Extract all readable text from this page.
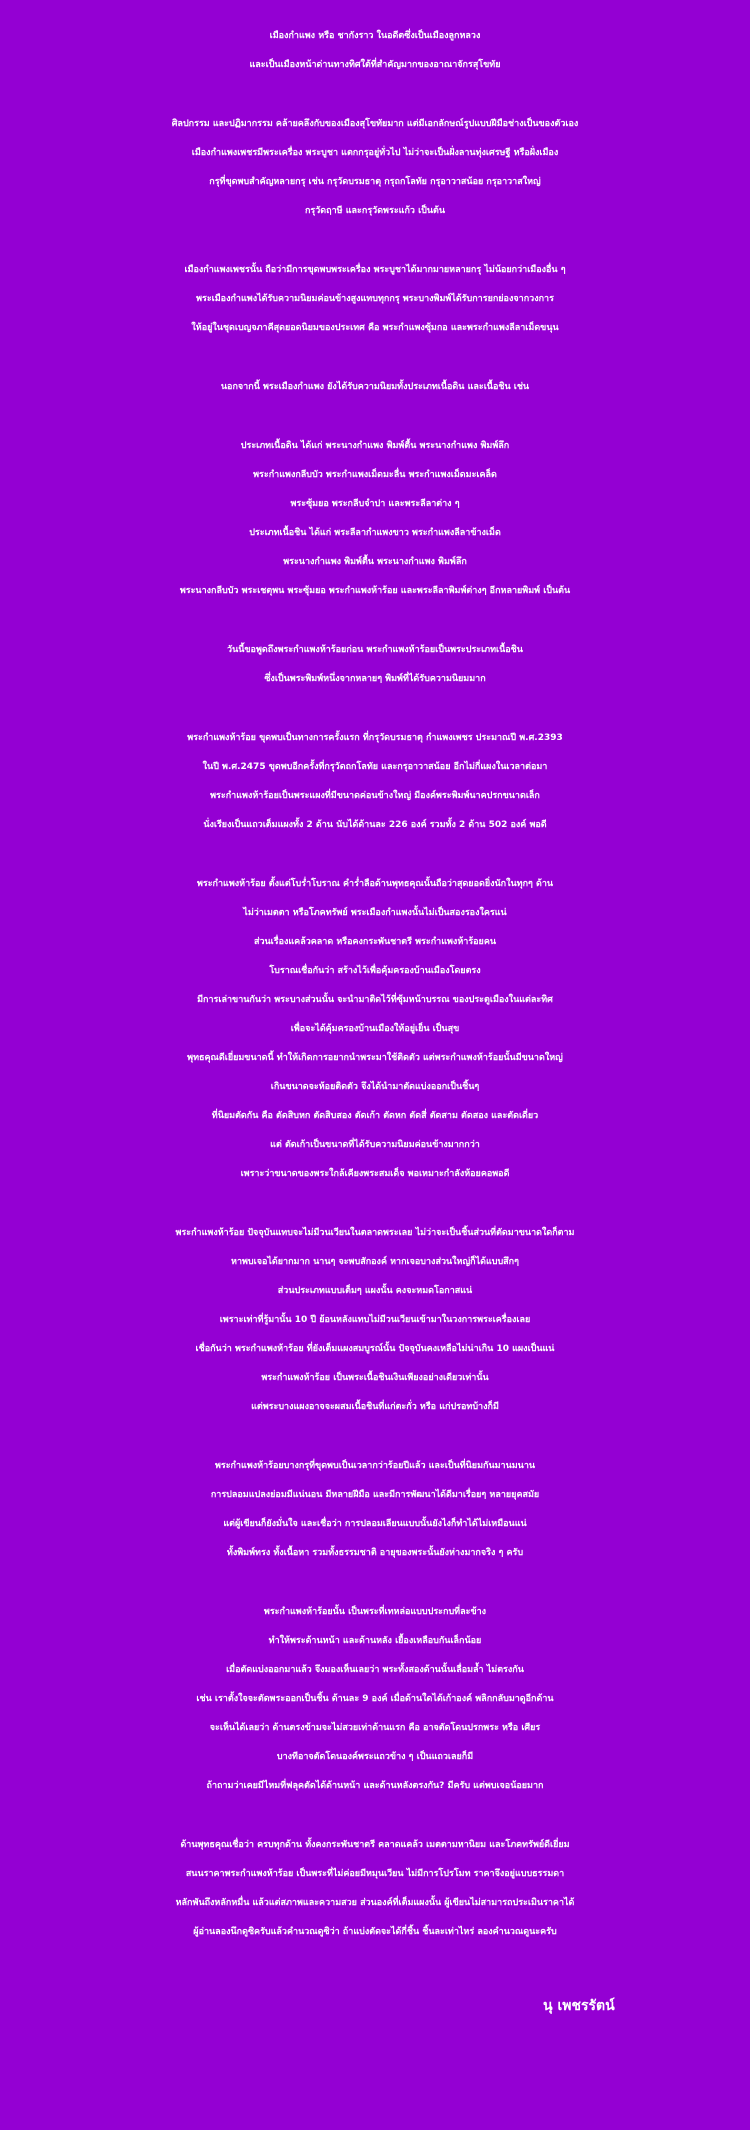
เมืองกำแพง หรือ ชากังราว ในอดีตซึ่งเป็นเมืองลูกหลวง
และเป็นเมืองหน้าด่านทางทิศใต้ที่สำคัญมากของอาณาจักรสุโขทัย
ศิลปกรรม และปฏิมากรรม คล้ายคลึงกับของเมืองสุโขทัยมาก แต่มีเอกลักษณ์รูปแบบฝีมือช่างเป็นของตัวเอง
เมืองกำแพงเพชรมีพระเครื่อง พระบูชา แตกกรุอยู่ทั่วไป ไม่ว่าจะเป็นฝั่งลานทุ่งเศรษฐี หรือฝั่งเมือง
กรุที่ขุดพบสำคัญหลายกรุ เช่น กรุวัดบรมธาตุ กรุถกโลทัย กรุอาวาสน้อย กรุอาวาสใหญ่
กรุวัดฤาษี และกรุวัดพระแก้ว เป็นต้น
เมืองกำแพงเพชรนั้น ถือว่ามีการขุดพบพระเครื่อง พระบูชาได้มากมายหลายกรุ ไม่น้อยกว่าเมืองอื่น ๆ
พระเมืองกำแพงได้รับความนิยมค่อนข้างสูงแทบทุกกรุ พระบางพิมพ์ได้รับการยกย่องจากวงการ
ให้อยู่ในชุดเบญจภาคีสุดยอดนิยมของประเทศ คือ พระกำแพงซุ้มกอ และพระกำแพงลีลาเม็ดขนุน
นอกจากนี้ พระเมืองกำแพง ยังได้รับความนิยมทั้งประเภทเนื้อดิน และเนื้อชิน เช่น
ประเภทเนื้อดิน ได้แก่ พระนางกำแพง พิมพ์ตื้น พระนางกำแพง พิมพ์ลึก
พระกำแพงกลีบบัว พระกำแพงเม็ดมะลื่น พระกำแพงเม็ดมะเคล็ด
พระซุ้มยอ พระกลีบจำปา และพระลีลาต่าง ๆ
ประเภทเนื้อชิน ได้แก่ พระลีลากำแพงขาว พระกำแพงลีลาข้างเม็ด
พระนางกำแพง พิมพ์ตื้น พระนางกำแพง พิมพ์ลึก
พระนางกลีบบัว พระเชตุพน พระซุ้มยอ พระกำแพงห้าร้อย และพระลีลาพิมพ์ต่างๆ อีกหลายพิมพ์ เป็นต้น
วันนี้ขอพูดถึงพระกำแพงห้าร้อยก่อน พระกำแพงห้าร้อยเป็นพระประเภทเนื้อชิน
ซึ่งเป็นพระพิมพ์หนึ่งจากหลายๆ พิมพ์ที่ได้รับความนิยมมาก
พระกำแพงห้าร้อย ขุดพบเป็นทางการครั้งแรก ที่กรุวัดบรมธาตุ กำแพงเพชร ประมาณปี พ.ศ.2393
ในปี พ.ศ.2475 ขุดพบอีกครั้งที่กรุวัดถกโลทัย และกรุอาวาสน้อย อีกไม่กี่แผงในเวลาต่อมา
พระกำแพงห้าร้อยเป็นพระแผงที่มีขนาดค่อนข้างใหญ่ มีองค์พระพิมพ์นาคปรกขนาดเล็ก
นั่งเรียงเป็นแถวเต็มแผงทั้ง 2 ด้าน นับได้ด้านละ 226 องค์ รวมทั้ง 2 ด้าน 502 องค์ พอดี
พระกำแพงห้าร้อย ตั้งแต่โบร่ำโบราณ คำร่ำลือด้านพุทธคุณนั้นถือว่าสุดยอดยิ่งนักในทุกๆ ด้าน
ไม่ว่าเมตตา หรือโภคทรัพย์ พระเมืองกำแพงนั้นไม่เป็นสองรองใครแน่
ส่วนเรื่องแคล้วคลาด หรือคงกระพันชาตรี พระกำแพงห้าร้อยคน
โบราณเชื่อกันว่า สร้างไว้เพื่อคุ้มครองบ้านเมืองโดยตรง
มีการเล่าขานกันว่า พระบางส่วนนั้น จะนำมาติดไว้ที่ซุ้มหน้าบรรณ ของประตูเมืองในแต่ละทิศ
เพื่อจะได้คุ้มครองบ้านเมืองให้อยู่เย็น เป็นสุข
พุทธคุณดีเยี่ยมขนาดนี้ ทำให้เกิดการอยากนำพระมาใช้ติดตัว แต่พระกำแพงห้าร้อยนั้นมีขนาดใหญ่
เกินขนาดจะห้อยติดตัว จึงได้นำมาตัดแบ่งออกเป็นชิ้นๆ
ที่นิยมตัดกัน คือ ตัดสิบหก ตัดสิบสอง ตัดเก้า ตัดหก ตัดสี่ ตัดสาม ตัดสอง และตัดเดี่ยว
แต่ ตัดเก้าเป็นขนาดที่ได้รับความนิยมค่อนข้างมากกว่า
เพราะว่าขนาดของพระใกล้เคียงพระสมเด็จ พอเหมาะกำลังห้อยคอพอดี
พระกำแพงห้าร้อย ปัจจุบันแทบจะไม่มีวนเวียนในตลาดพระเลย ไม่ว่าจะเป็นชิ้นส่วนที่ตัดมาขนาดใดก็ตาม
หาพบเจอได้ยากมาก นานๆ จะพบสักองค์ หากเจอบางส่วนใหญ่ก็ได้แบบสึกๆ
ส่วนประเภทแบบเต็มๆ แผงนั้น คงจะหมดโอกาสแน่
เพราะเท่าที่รู้มานั้น 10 ปี ย้อนหลังแทบไม่มีวนเวียนเข้ามาในวงการพระเครื่องเลย
เชื่อกันว่า พระกำแพงห้าร้อย ที่ยังเต็มแผงสมบูรณ์นั้น ปัจจุบันคงเหลือไม่น่าเกิน 10 แผงเป็นแน่
พระกำแพงห้าร้อย เป็นพระเนื้อชินเงินเพียงอย่างเดียวเท่านั้น
แต่พระบางแผงอาจจะผสมเนื้อชินที่แก่ตะกั่ว หรือ แก่ปรอทบ้างก็มี
พระกำแพงห้าร้อยบางกรุที่ขุดพบเป็นเวลากว่าร้อยปีแล้ว และเป็นที่นิยมกันมานมนาน
การปลอมแปลงย่อมมีแน่นอน มีหลายฝีมือ และมีการพัฒนาได้ดีมาเรื่อยๆ หลายยุคสมัย
แต่ผู้เขียนก็ยังมั่นใจ และเชื่อว่า การปลอมเลียนแบบนั้นยังไงก็ทำได้ไม่เหมือนแน่
ทั้งพิมพ์ทรง ทั้งเนื้อหา รวมทั้งธรรมชาติ อายุของพระนั้นยังห่างมากจริง ๆ ครับ
พระกำแพงห้าร้อยนั้น เป็นพระที่เทหล่อแบบประกบที่ละข้าง
ทำให้พระด้านหน้า และด้านหลัง เยื้องเหลือบกันเล็กน้อย
เมื่อตัดแบ่งออกมาแล้ว จึงมองเห็นเลยว่า พระทั้งสองด้านนั้นเลื่อมล้ำ ไม่ตรงกัน
เช่น เราตั้งใจจะตัดพระออกเป็นชิ้น ด้านละ 9 องค์ เมื่อด้านใดได้เก้าองค์ พลิกกลับมาดูอีกด้าน
จะเห็นได้เลยว่า ด้านตรงข้ามจะไม่สวยเท่าด้านแรก คือ อาจตัดโดนปรกพระ หรือ เศียร
บางทีอาจตัดโดนองค์พระแถวข้าง ๆ เป็นแถวเลยก็มี
ถ้าถามว่าเคยมีไหมที่ฟลุคตัดได้ด้านหน้า และด้านหลังตรงกัน? มีครับ แต่พบเจอน้อยมาก
ด้านพุทธคุณเชื่อว่า ครบทุกด้าน ทั้งคงกระพันชาตรี คลาดแคล้ว เมตตามหานิยม และโภคทรัพย์ดีเยี่ยม
สนนราคาพระกำแพงห้าร้อย เป็นพระที่ไม่ค่อยมีหมุนเวียน ไม่มีการโปรโมท ราคาจึงอยู่แบบธรรมดา
หลักพันถึงหลักหมื่น แล้วแต่สภาพและความสวย ส่วนองค์ที่เต็มแผงนั้น ผู้เขียนไม่สามารถประเมินราคาได้
ผู้อ่านลองนึกดูซิครับแล้วคำนวณดูซิว่า ถ้าแบ่งตัดจะได้กี่ชิ้น ชิ้นละเท่าไหร่ ลองคำนวณดูนะครับ
นุ เพชรรัตน์
